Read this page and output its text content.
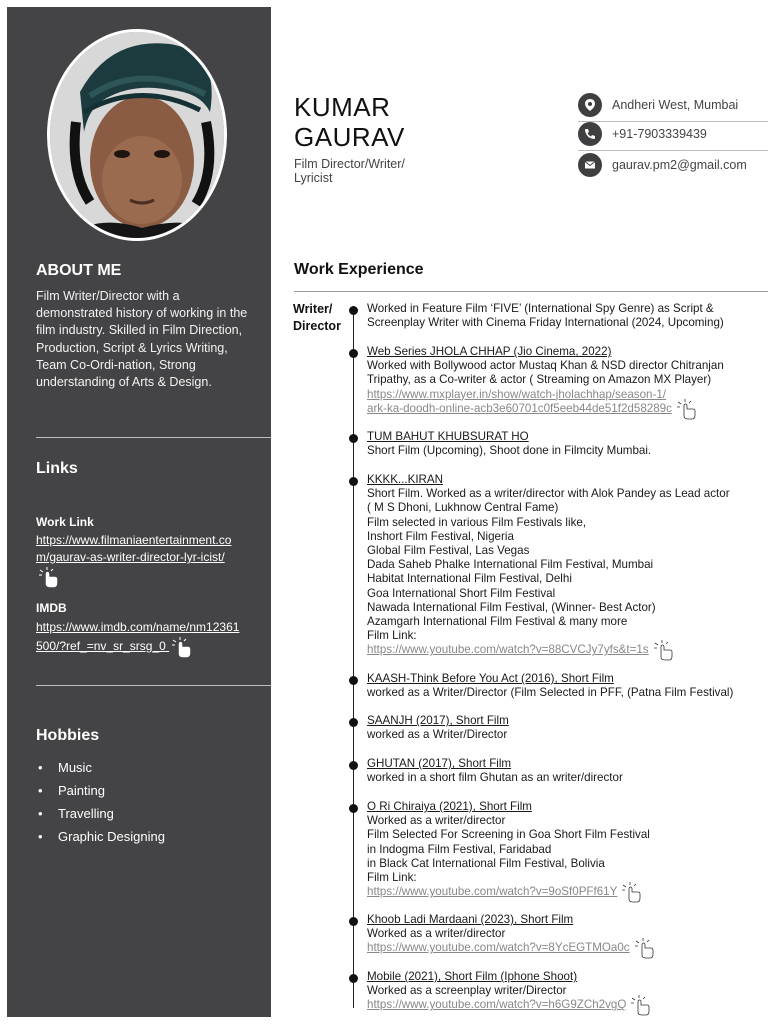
ABOUT ME
Film Writer/Director with a demonstrated history of working in the film industry. Skilled in Film Direction, Production, Script & Lyrics Writing, Team Co-Ordi-nation, Strong understanding of Arts & Design.
Links
Work Link
https://www.filmaniaentertainment.com/gaurav-as-writer-director-lyr-icist/
IMDB
https://www.imdb.com/name/nm12361500/?ref_=nv_sr_srsg_0
Hobbies
•	Music
•	Painting
•	Travelling
•	Graphic Designing
KUMAR
GAURAV
Film Director/Writer/ Lyricist
Andheri West, Mumbai
+91-7903339439
gaurav.pm2@gmail.com
Work Experience
Writer/ Director
Worked in Feature Film ‘FIVE’ (International Spy Genre) as Script &
Screenplay Writer with Cinema Friday International (2024, Upcoming)
Web Series JHOLA CHHAP (Jio Cinema, 2022)
Worked with Bollywood actor Mustaq Khan & NSD director Chitranjan
Tripathy, as a Co-writer & actor ( Streaming on Amazon MX Player)
https://www.mxplayer.in/show/watch-jholachhap/season-1/
ark-ka-doodh-online-acb3e60701c0f5eeb44de51f2d58289c
TUM BAHUT KHUBSURAT HO
Short Film (Upcoming), Shoot done in Filmcity Mumbai.
KKKK...KIRAN
Short Film. Worked as a writer/director with Alok Pandey as Lead actor
( M S Dhoni, Lukhnow Central Fame)
Film selected in various Film Festivals like,
Inshort Film Festival, Nigeria
Global Film Festival, Las Vegas
Dada Saheb Phalke International Film Festival, Mumbai
Habitat International Film Festival, Delhi
Goa International Short Film Festival
Nawada International Film Festival, (Winner- Best Actor)
Azamgarh International Film Festival & many more
Film Link:
https://www.youtube.com/watch?v=88CVCJy7yfs&t=1s
KAASH-Think Before You Act (2016), Short Film
worked as a Writer/Director (Film Selected in PFF, (Patna Film Festival)
SAANJH (2017), Short Film
worked as a Writer/Director
GHUTAN (2017), Short Film
worked in a short film Ghutan as an writer/director
O Ri Chiraiya (2021), Short Film
Worked as a writer/director
Film Selected For Screening in Goa Short Film Festival
in Indogma Film Festival, Faridabad
in Black Cat International Film Festival, Bolivia
Film Link:
https://www.youtube.com/watch?v=9oSf0PFf61Y
Khoob Ladi Mardaani (2023), Short Film
Worked as a writer/director
https://www.youtube.com/watch?v=8YcEGTMOa0c
Mobile (2021), Short Film (Iphone Shoot)
Worked as a screenplay writer/Director
https://www.youtube.com/watch?v=h6G9ZCh2vgQ
